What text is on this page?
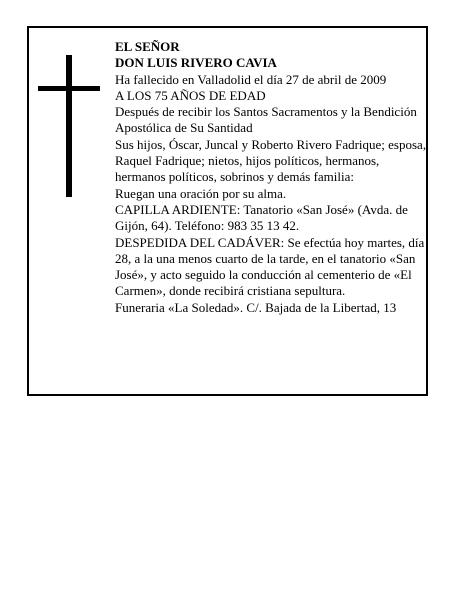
EL SEÑOR

DON LUIS RIVERO CAVIA

Ha fallecido en Valladolid el día 27 de abril de 2009

A LOS 75 AÑOS DE EDAD

Después de recibir los Santos Sacramentos y la Bendición Apostólica de Su Santidad

Sus hijos, Óscar, Juncal y Roberto Rivero Fadrique; esposa, Raquel Fadrique; nietos, hijos políticos, hermanos, hermanos políticos, sobrinos y demás familia:

Ruegan una oración por su alma.

CAPILLA ARDIENTE: Tanatorio «San José» (Avda. de Gijón, 64). Teléfono: 983 35 13 42.

DESPEDIDA DEL CADÁVER: Se efectúa hoy martes, día 28, a la una menos cuarto de la tarde, en el tanatorio «San José», y acto seguido la conducción al cementerio de «El Carmen», donde recibirá cristiana sepultura.

Funeraria «La Soledad». C/. Bajada de la Libertad, 13
